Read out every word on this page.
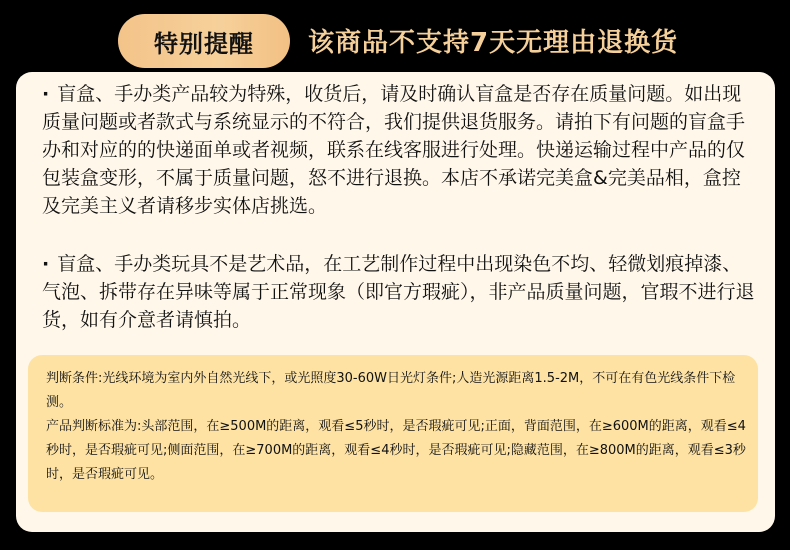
特别提醒	该商品不支持7天无理由退换货
· 盲盒、手办类产品较为特殊，收货后，请及时确认盲盒是否存在质量问题。如出现质量问题或者款式与系统显示的不符合，我们提供退货服务。请拍下有问题的盲盒手办和对应的的快递面单或者视频，联系在线客服进行处理。快递运输过程中产品的仅包装盒变形，不属于质量问题，怒不进行退换。本店不承诺完美盒&完美品相，盒控及完美主义者请移步实体店挑选。
· 盲盒、手办类玩具不是艺术品，在工艺制作过程中出现染色不均、轻微划痕掉漆、气泡、拆带存在异味等属于正常现象（即官方瑕疵），非产品质量问题，官瑕不进行退货，如有介意者请慎拍。
判断条件:光线环境为室内外自然光线下，或光照度30-60W日光灯条件;人造光源距离1.5-2M，不可在有色光线条件下检测。
产品判断标准为:头部范围，在≥500M的距离，观看≤5秒时，是否瑕疵可见;正面，背面范围，在≥600M的距离，观看≤4秒时，是否瑕疵可见;侧面范围，在≥700M的距离，观看≤4秒时，是否瑕疵可见;隐藏范围，在≥800M的距离，观看≤3秒时，是否瑕疵可见。
